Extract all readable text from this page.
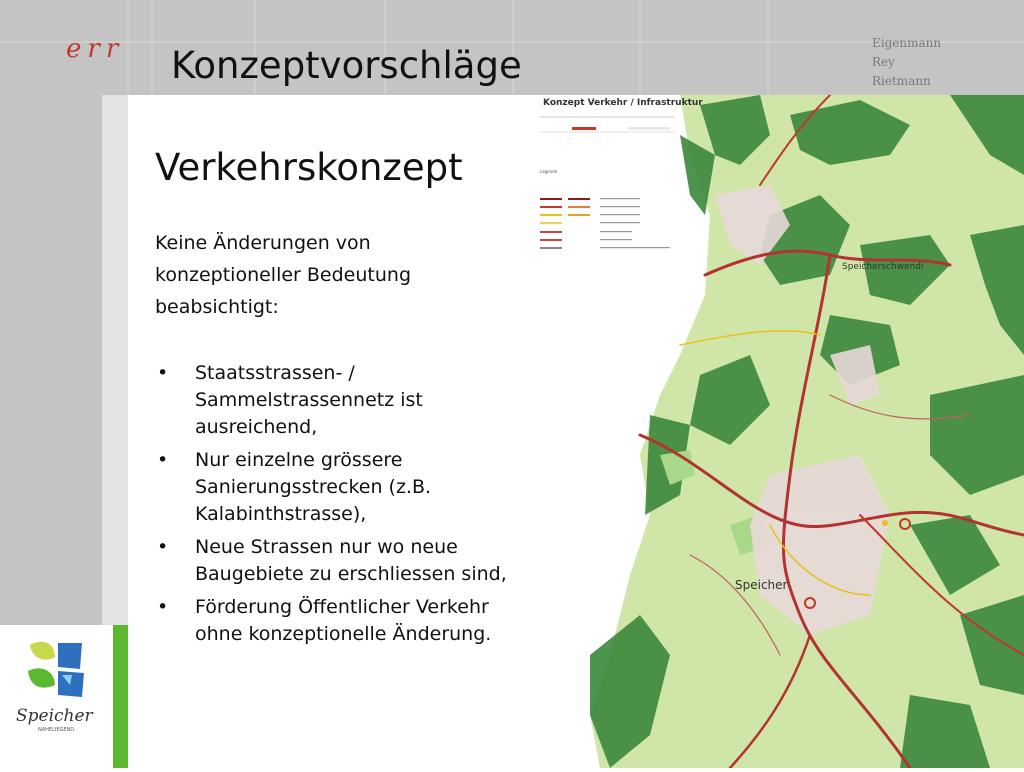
err Konzeptvorschläge
Eigenmann
Rey
Rietmann
Verkehrskonzept
Keine Änderungen von konzeptioneller Bedeutung beabsichtigt:
• Staatsstrassen- / Sammelstrassennetz ist ausreichend,
• Nur einzelne grössere Sanierungsstrecken (z.B. Kalabinthstrasse),
• Neue Strassen nur wo neue Baugebiete zu erschliessen sind,
• Förderung Öffentlicher Verkehr ohne konzeptionelle Änderung.
Legende
Speicherschwendi
Speicher
Konzept Verkehr / Infrastruktur
Speicher
NAHELIEGEND.
